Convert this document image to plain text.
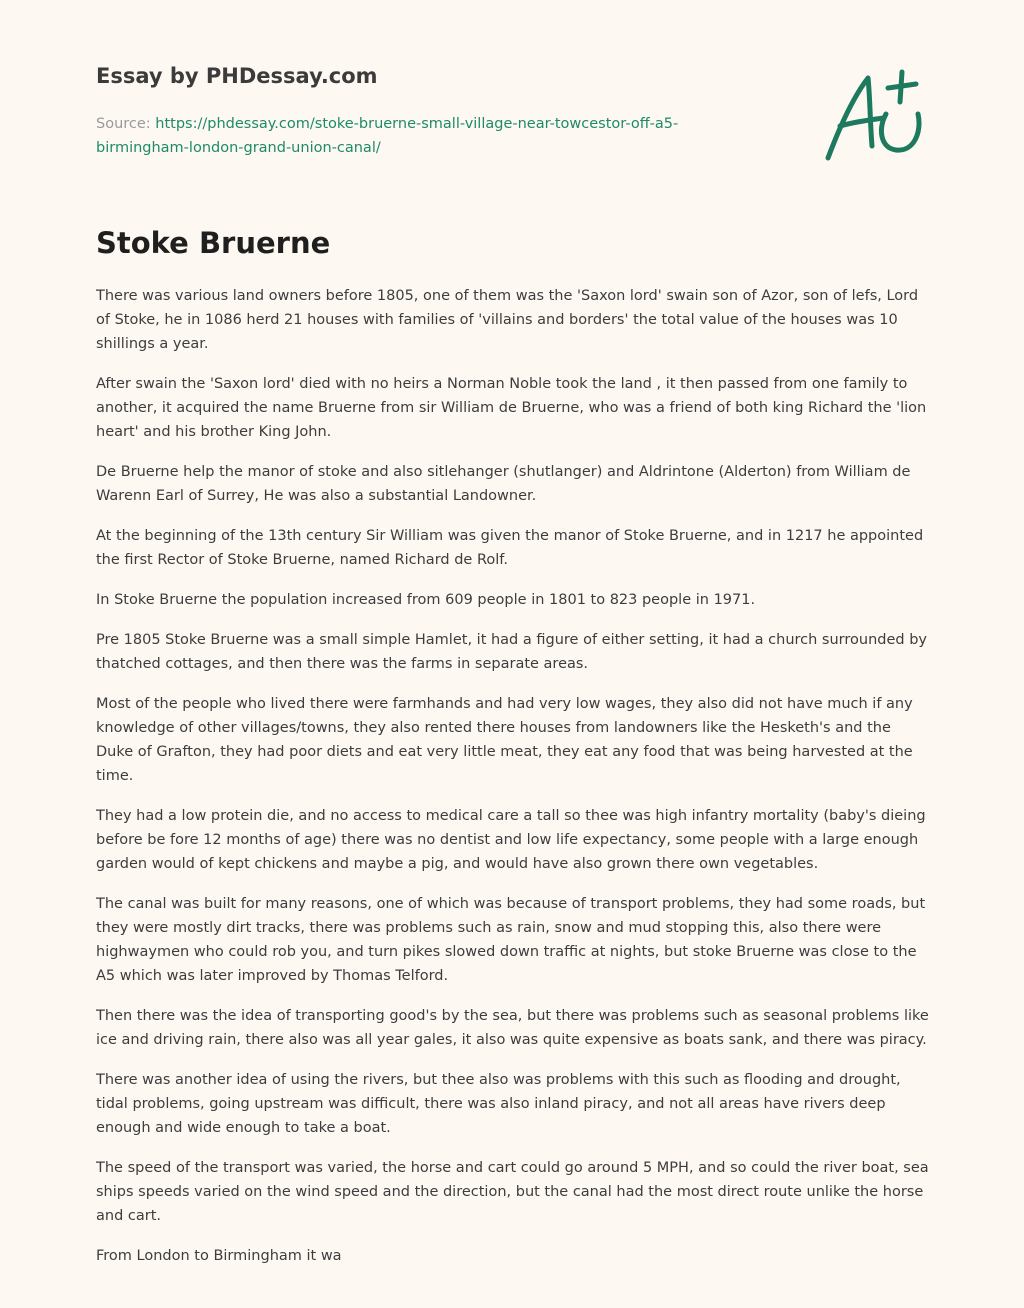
Essay by PHDessay.com

Source: https://phdessay.com/stoke-bruerne-small-village-near-towcestor-off-a5-birmingham-london-grand-union-canal/

Stoke Bruerne

There was various land owners before 1805, one of them was the 'Saxon lord' swain son of Azor, son of lefs, Lord of Stoke, he in 1086 herd 21 houses with families of 'villains and borders' the total value of the houses was 10 shillings a year.

After swain the 'Saxon lord' died with no heirs a Norman Noble took the land , it then passed from one family to another, it acquired the name Bruerne from sir William de Bruerne, who was a friend of both king Richard the 'lion heart' and his brother King John.

De Bruerne help the manor of stoke and also sitlehanger (shutlanger) and Aldrintone (Alderton) from William de Warenn Earl of Surrey, He was also a substantial Landowner.

At the beginning of the 13th century Sir William was given the manor of Stoke Bruerne, and in 1217 he appointed the first Rector of Stoke Bruerne, named Richard de Rolf.

In Stoke Bruerne the population increased from 609 people in 1801 to 823 people in 1971.

Pre 1805 Stoke Bruerne was a small simple Hamlet, it had a figure of either setting, it had a church surrounded by thatched cottages, and then there was the farms in separate areas.

Most of the people who lived there were farmhands and had very low wages, they also did not have much if any knowledge of other villages/towns, they also rented there houses from landowners like the Hesketh's and the Duke of Grafton, they had poor diets and eat very little meat, they eat any food that was being harvested at the time.

They had a low protein die, and no access to medical care a tall so thee was high infantry mortality (baby's dieing before be fore 12 months of age) there was no dentist and low life expectancy, some people with a large enough garden would of kept chickens and maybe a pig, and would have also grown there own vegetables.

The canal was built for many reasons, one of which was because of transport problems, they had some roads, but they were mostly dirt tracks, there was problems such as rain, snow and mud stopping this, also there were highwaymen who could rob you, and turn pikes slowed down traffic at nights, but stoke Bruerne was close to the A5 which was later improved by Thomas Telford.

Then there was the idea of transporting good's by the sea, but there was problems such as seasonal problems like ice and driving rain, there also was all year gales, it also was quite expensive as boats sank, and there was piracy.

There was another idea of using the rivers, but thee also was problems with this such as flooding and drought, tidal problems, going upstream was difficult, there was also inland piracy, and not all areas have rivers deep enough and wide enough to take a boat.

The speed of the transport was varied, the horse and cart could go around 5 MPH, and so could the river boat, sea ships speeds varied on the wind speed and the direction, but the canal had the most direct route unlike the horse and cart.

From London to Birmingham it wa
